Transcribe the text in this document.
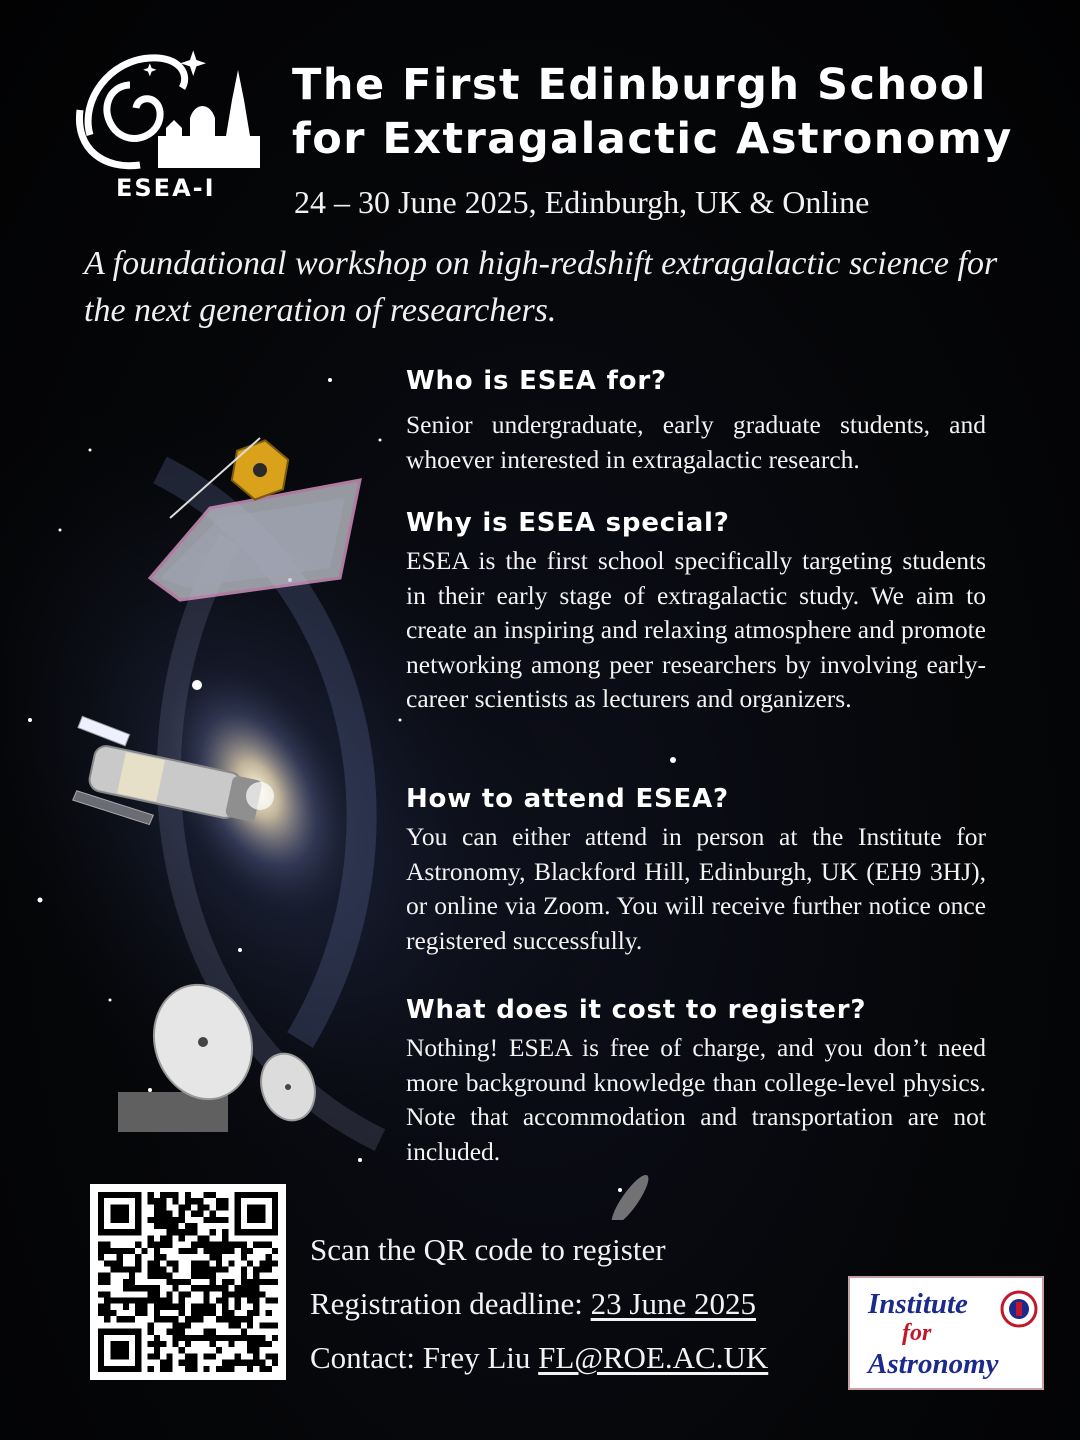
ESEA-I
The First Edinburgh School
for Extragalactic Astronomy
24 – 30 June 2025, Edinburgh, UK & Online
A foundational workshop on high-redshift extragalactic science for the next generation of researchers.
Who is ESEA for?
Senior undergraduate, early graduate students, and whoever interested in extragalactic research.
Why is ESEA special?
ESEA is the first school specifically targeting students in their early stage of extragalactic study. We aim to create an inspiring and relaxing atmosphere and promote networking among peer researchers by involving early-career scientists as lecturers and organizers.
How to attend ESEA?
You can either attend in person at the Institute for Astronomy, Blackford Hill, Edinburgh, UK (EH9 3HJ), or online via Zoom. You will receive further notice once registered successfully.
What does it cost to register?
Nothing! ESEA is free of charge, and you don’t need more background knowledge than college-level physics. Note that accommodation and transportation are not included.
Scan the QR code to register
Registration deadline: 23 June 2025
Contact: Frey Liu FL@ROE.AC.UK
Institute
for
Astronomy
